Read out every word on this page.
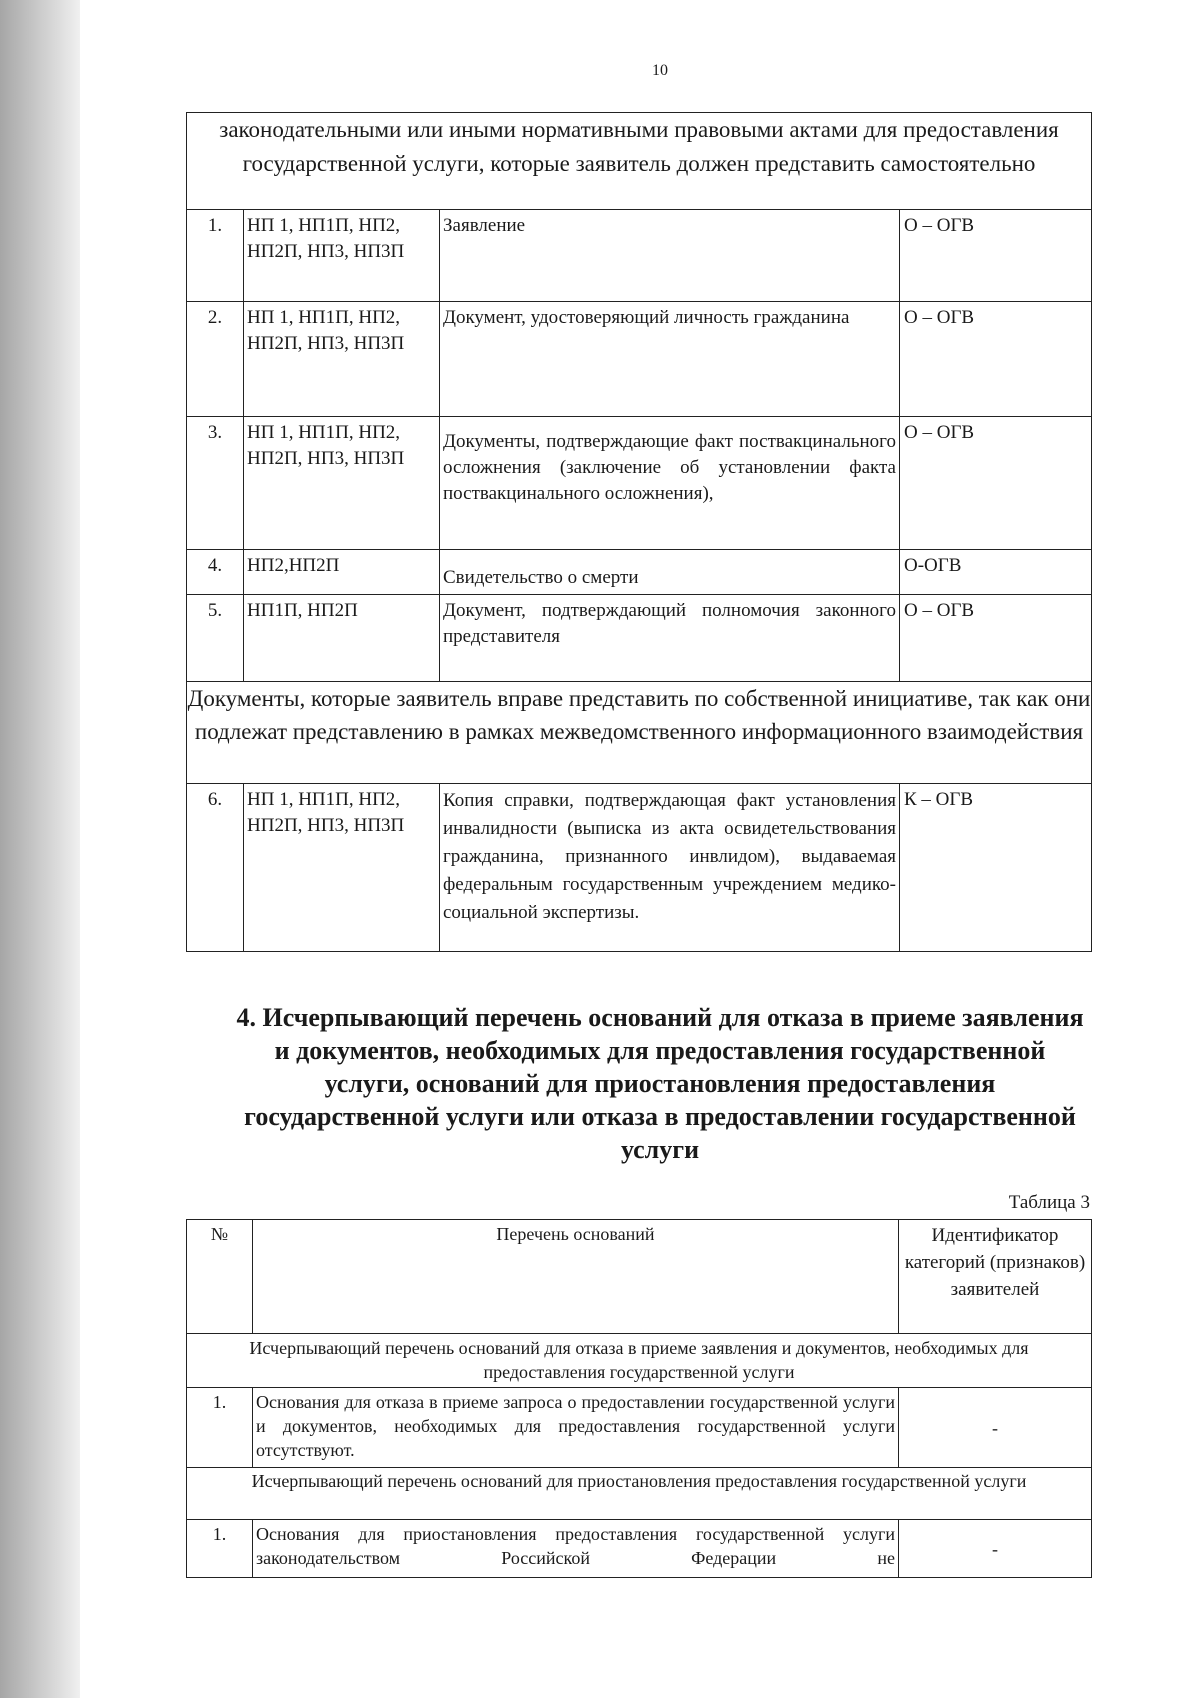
10
законодательными или иными нормативными правовыми актами для предоставления государственной услуги, которые заявитель должен представить самостоятельно			
1.	НП 1, НП1П, НП2, НП2П, НП3, НП3П	Заявление	О – ОГВ
2.	НП 1, НП1П, НП2, НП2П, НП3, НП3П	Документ, удостоверяющий личность гражданина	О – ОГВ
3.	НП 1, НП1П, НП2, НП2П, НП3, НП3П	Документы, подтверждающие факт поствакцинального осложнения (заключение об установлении факта поствакцинального осложнения),	О – ОГВ
4.	НП2,НП2П	Свидетельство о смерти	О-ОГВ
5.	НП1П, НП2П	Документ, подтверждающий полномочия законного представителя	О – ОГВ
Документы, которые заявитель вправе представить по собственной инициативе, так как они подлежат представлению в рамках межведомственного информационного взаимодействия			
6.	НП 1, НП1П, НП2, НП2П, НП3, НП3П	Копия справки, подтверждающая факт установления инвалидности (выписка из акта освидетельствования гражданина, признанного инвлидом), выдаваемая федеральным государственным учреждением медико-социальной экспертизы.	К – ОГВ
4. Исчерпывающий перечень оснований для отказа в приеме заявления и документов, необходимых для предоставления государственной услуги, оснований для приостановления предоставления государственной услуги или отказа в предоставлении государственной услуги
Таблица 3
№	Перечень оснований	Идентификатор категорий (признаков) заявителей
Исчерпывающий перечень оснований для отказа в приеме заявления и документов, необходимых для предоставления государственной услуги		
1.	Основания для отказа в приеме запроса о предоставлении государственной услуги и документов, необходимых для предоставления государственной услуги отсутствуют.	-
Исчерпывающий перечень оснований для приостановления предоставления государственной услуги		
1.	Основания для приостановления предоставления государственной услуги законодательством Российской Федерации не	-
